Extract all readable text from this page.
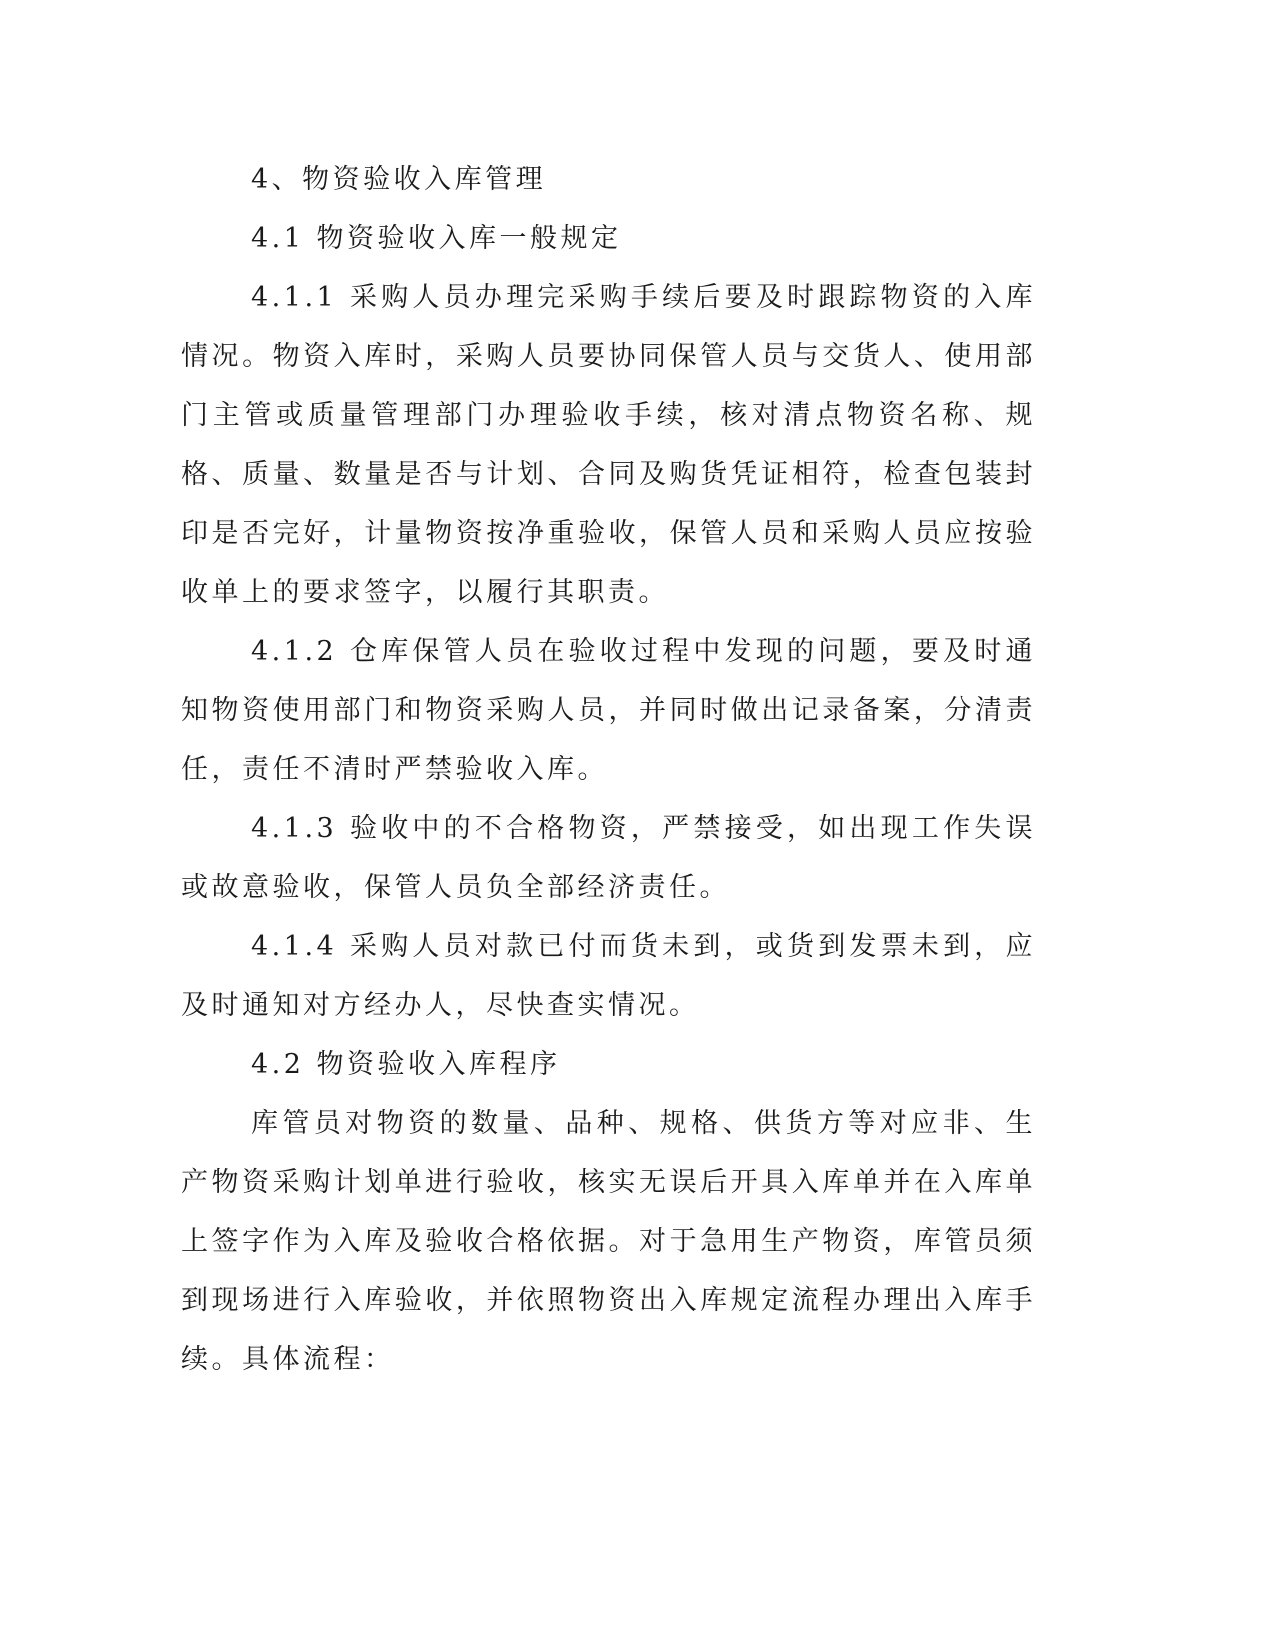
4、物资验收入库管理

4.1 物资验收入库一般规定

4.1.1 采购人员办理完采购手续后要及时跟踪物资的入库情况。物资入库时，采购人员要协同保管人员与交货人、使用部门主管或质量管理部门办理验收手续，核对清点物资名称、规格、质量、数量是否与计划、合同及购货凭证相符，检查包装封印是否完好，计量物资按净重验收，保管人员和采购人员应按验收单上的要求签字，以履行其职责。

4.1.2 仓库保管人员在验收过程中发现的问题，要及时通知物资使用部门和物资采购人员，并同时做出记录备案，分清责任，责任不清时严禁验收入库。

4.1.3 验收中的不合格物资，严禁接受，如出现工作失误或故意验收，保管人员负全部经济责任。

4.1.4 采购人员对款已付而货未到，或货到发票未到，应及时通知对方经办人，尽快查实情况。

4.2 物资验收入库程序

库管员对物资的数量、品种、规格、供货方等对应非、生产物资采购计划单进行验收，核实无误后开具入库单并在入库单上签字作为入库及验收合格依据。对于急用生产物资，库管员须到现场进行入库验收，并依照物资出入库规定流程办理出入库手续。具体流程：
